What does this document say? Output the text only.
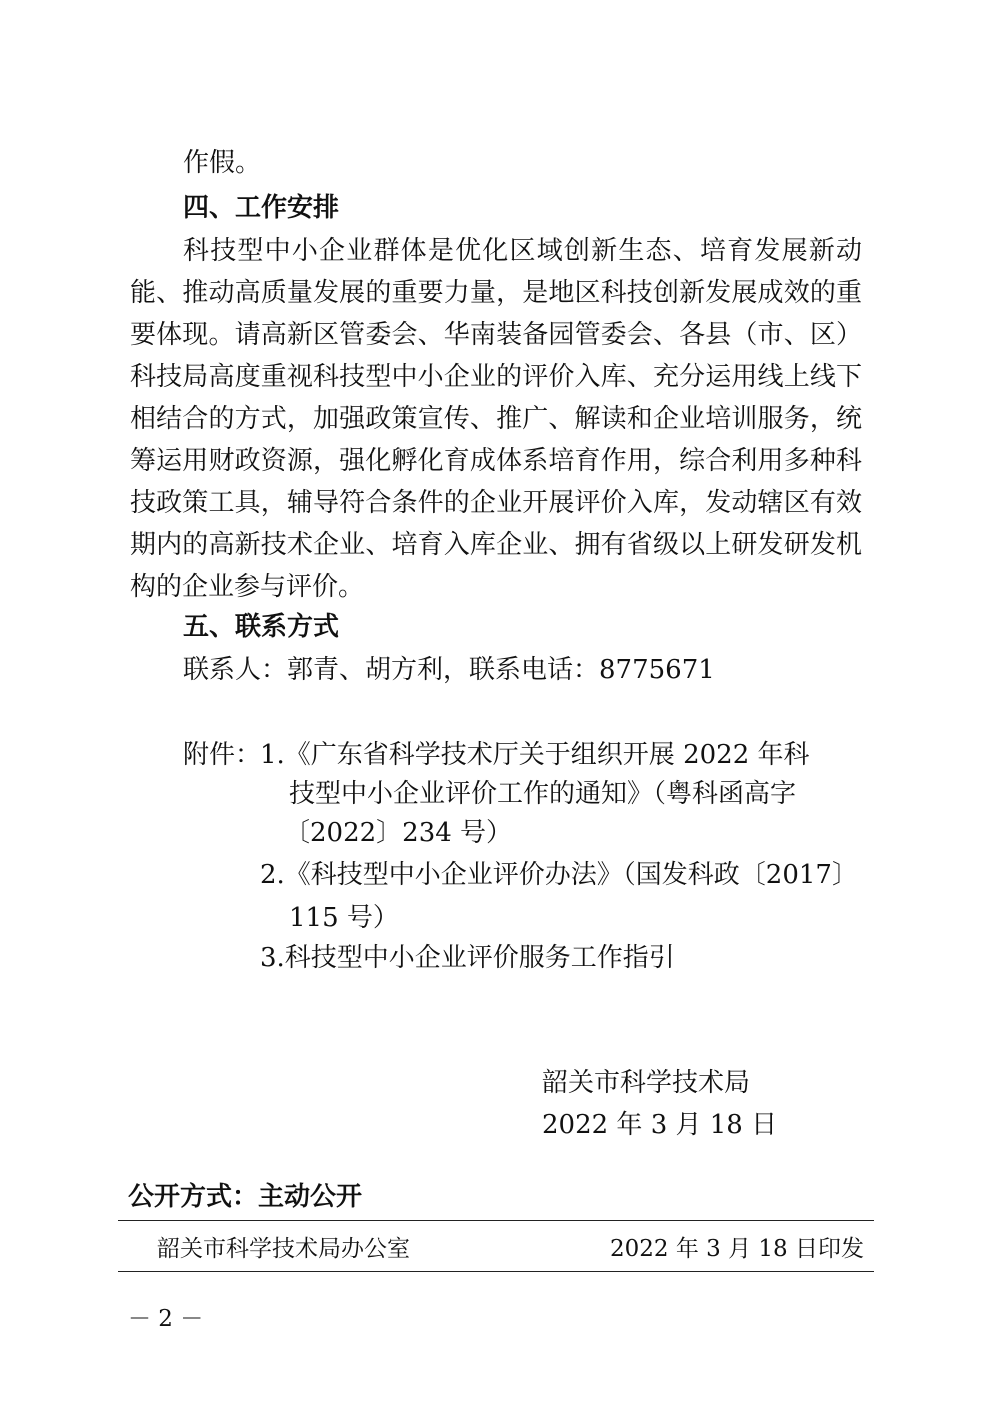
作假。
四、工作安排
科技型中小企业群体是优化区域创新生态、培育发展新动
能、推动高质量发展的重要力量，是地区科技创新发展成效的重
要体现。请高新区管委会、华南装备园管委会、各县（市、区）
科技局高度重视科技型中小企业的评价入库、充分运用线上线下
相结合的方式，加强政策宣传、推广、解读和企业培训服务，统
筹运用财政资源，强化孵化育成体系培育作用，综合利用多种科
技政策工具，辅导符合条件的企业开展评价入库，发动辖区有效
期内的高新技术企业、培育入库企业、拥有省级以上研发研发机
构的企业参与评价。
五、联系方式
联系人：郭青、胡方利，联系电话：8775671
附件：
1.《广东省科学技术厅关于组织开展 2022 年科
技型中小企业评价工作的通知》（粤科函高字
〔2022〕234 号）
2.《科技型中小企业评价办法》（国发科政〔2017〕
115 号）
3.科技型中小企业评价服务工作指引
韶关市科学技术局
2022 年 3 月 18 日
公开方式：主动公开
韶关市科学技术局办公室	2022 年 3 月 18 日印发
－ 2 －
